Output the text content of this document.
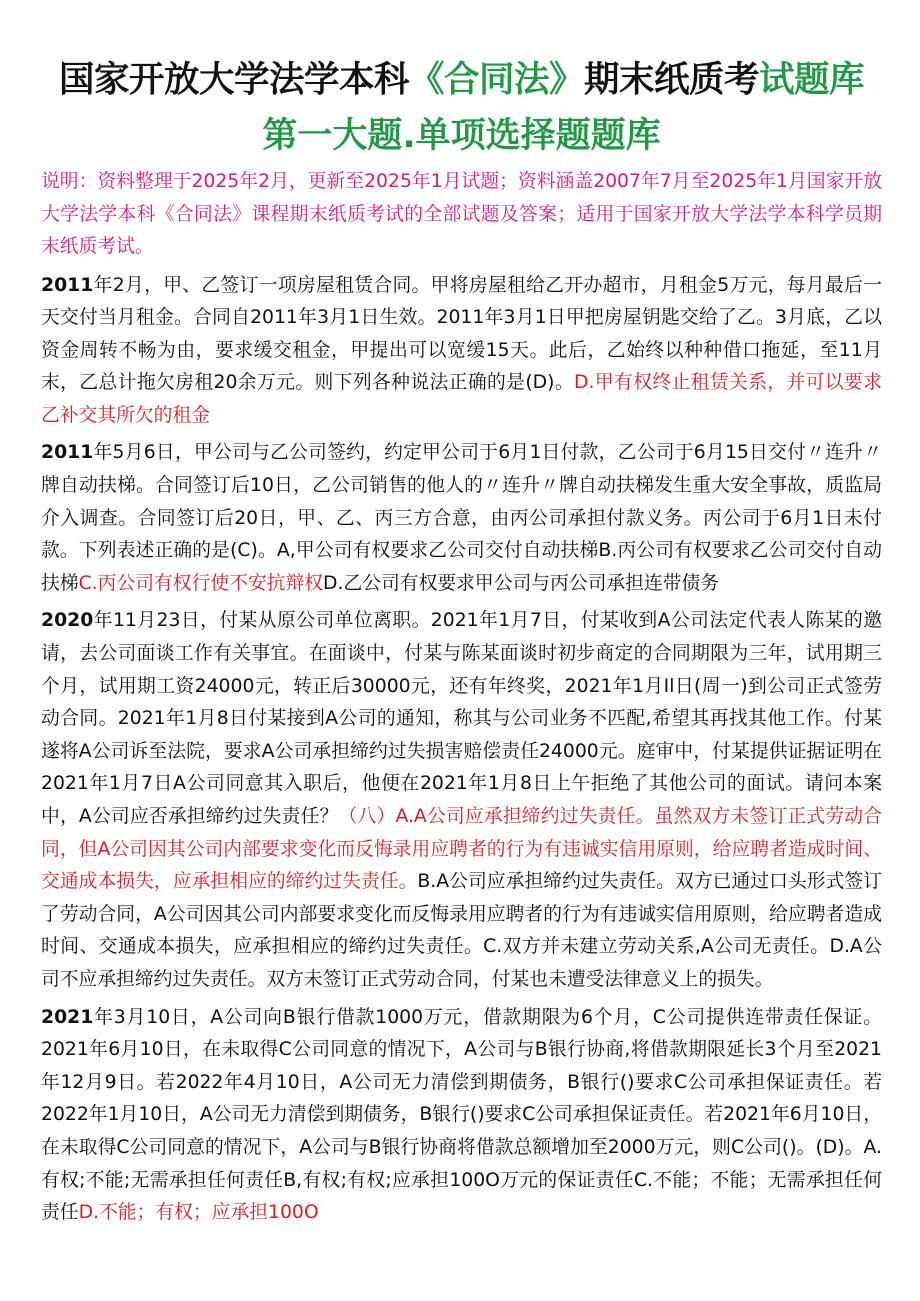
国家开放大学法学本科《合同法》期末纸质考试题库
第一大题.单项选择题题库

说明：资料整理于2025年2月，更新至2025年1月试题；资料涵盖2007年7月至2025年1月国家开放大学法学本科《合同法》课程期末纸质考试的全部试题及答案；适用于国家开放大学法学本科学员期末纸质考试。

2011年2月，甲、乙签订一项房屋租赁合同。甲将房屋租给乙开办超市，月租金5万元，每月最后一天交付当月租金。合同自2011年3月1日生效。2011年3月1日甲把房屋钥匙交给了乙。3月底，乙以资金周转不畅为由，要求缓交租金，甲提出可以宽缓15天。此后，乙始终以种种借口拖延，至11月末，乙总计拖欠房租20余万元。则下列各种说法正确的是(D)。D.甲有权终止租赁关系，并可以要求乙补交其所欠的租金

2011年5月6日，甲公司与乙公司签约，约定甲公司于6月1日付款，乙公司于6月15日交付〃连升〃牌自动扶梯。合同签订后10日，乙公司销售的他人的〃连升〃牌自动扶梯发生重大安全事故，质监局介入调查。合同签订后20日，甲、乙、丙三方合意，由丙公司承担付款义务。丙公司于6月1日未付款。下列表述正确的是(C)。A,甲公司有权要求乙公司交付自动扶梯B.丙公司有权要求乙公司交付自动扶梯C.丙公司有权行使不安抗辩权D.乙公司有权要求甲公司与丙公司承担连带债务

2020年11月23日，付某从原公司单位离职。2021年1月7日，付某收到A公司法定代表人陈某的邀请，去公司面谈工作有关事宜。在面谈中，付某与陈某面谈时初步商定的合同期限为三年，试用期三个月，试用期工资24000元，转正后30000元，还有年终奖，2021年1月Il日(周一)到公司正式签劳动合同。2021年1月8日付某接到A公司的通知，称其与公司业务不匹配,希望其再找其他工作。付某遂将A公司诉至法院，要求A公司承担缔约过失损害赔偿责任24000元。庭审中，付某提供证据证明在2021年1月7日A公司同意其入职后，他便在2021年1月8日上午拒绝了其他公司的面试。请问本案中，A公司应否承担缔约过失责任？（八）A.A公司应承担缔约过失责任。虽然双方未签订正式劳动合同，但A公司因其公司内部要求变化而反悔录用应聘者的行为有违诚实信用原则，给应聘者造成时间、交通成本损失，应承担相应的缔约过失责任。B.A公司应承担缔约过失责任。双方已通过口头形式签订了劳动合同，A公司因其公司内部要求变化而反悔录用应聘者的行为有违诚实信用原则，给应聘者造成时间、交通成本损失，应承担相应的缔约过失责任。C.双方并未建立劳动关系,A公司无责任。D.A公司不应承担缔约过失责任。双方未签订正式劳动合同，付某也未遭受法律意义上的损失。

2021年3月10日，A公司向B银行借款1000万元，借款期限为6个月，C公司提供连带责任保证。2021年6月10日，在未取得C公司同意的情况下，A公司与B银行协商,将借款期限延长3个月至2021年12月9日。若2022年4月10日，A公司无力清偿到期债务，B银行()要求C公司承担保证责任。若2022年1月10日，A公司无力清偿到期债务，B银行()要求C公司承担保证责任。若2021年6月10日，在未取得C公司同意的情况下，A公司与B银行协商将借款总额增加至2000万元，则C公司()。(D)。A.有权;不能;无需承担任何责任B,有权;有权;应承担100O万元的保证责任C.不能；不能；无需承担任何责任D.不能；有权；应承担100O
